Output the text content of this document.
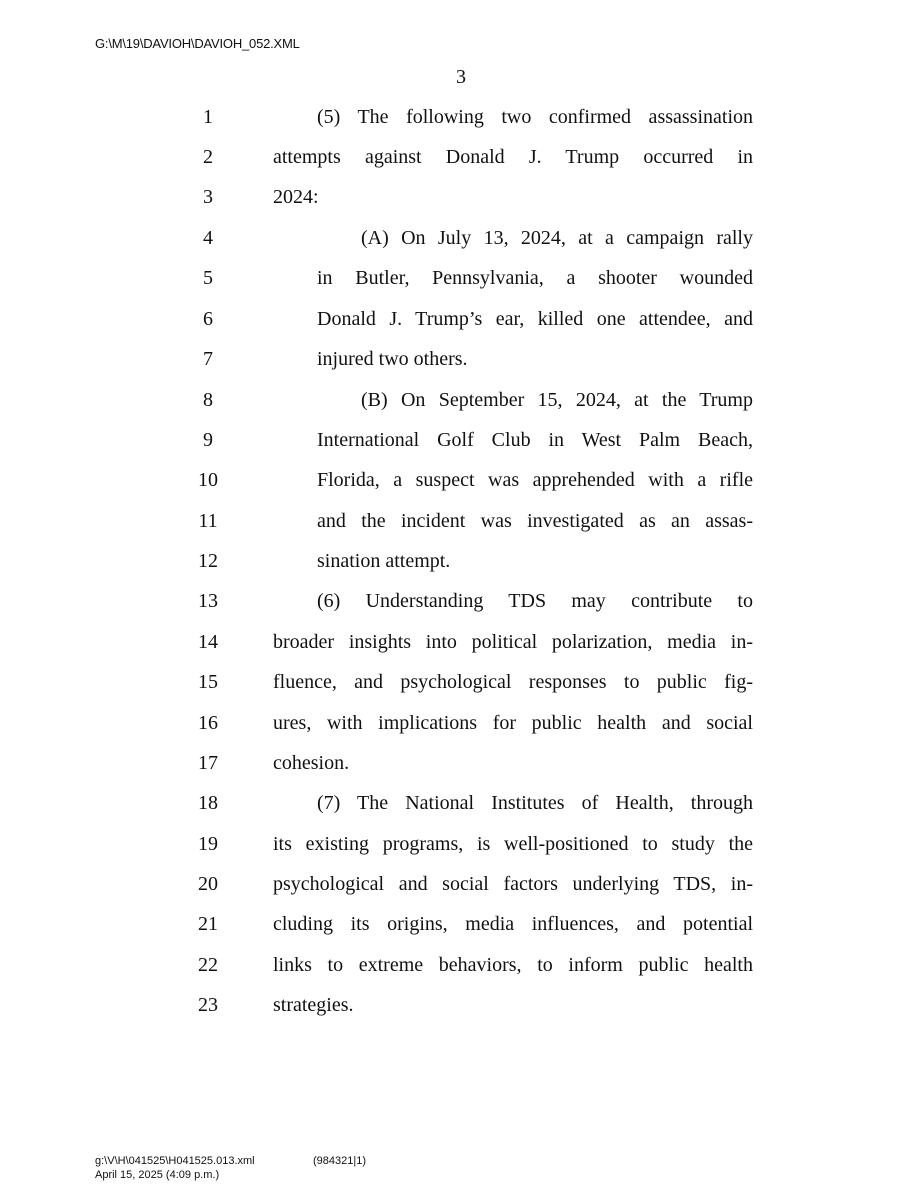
G:\M\19\DAVIOH\DAVIOH_052.XML
3
1	(5) The following two confirmed assassination
2	attempts against Donald J. Trump occurred in
3	2024:
4	(A) On July 13, 2024, at a campaign rally
5	in Butler, Pennsylvania, a shooter wounded
6	Donald J. Trump’s ear, killed one attendee, and
7	injured two others.
8	(B) On September 15, 2024, at the Trump
9	International Golf Club in West Palm Beach,
10	Florida, a suspect was apprehended with a rifle
11	and the incident was investigated as an assas-
12	sination attempt.
13	(6) Understanding TDS may contribute to
14	broader insights into political polarization, media in-
15	fluence, and psychological responses to public fig-
16	ures, with implications for public health and social
17	cohesion.
18	(7) The National Institutes of Health, through
19	its existing programs, is well-positioned to study the
20	psychological and social factors underlying TDS, in-
21	cluding its origins, media influences, and potential
22	links to extreme behaviors, to inform public health
23	strategies.
g:\V\H\041525\H041525.013.xml
April 15, 2025 (4:09 p.m.)
(984321|1)
